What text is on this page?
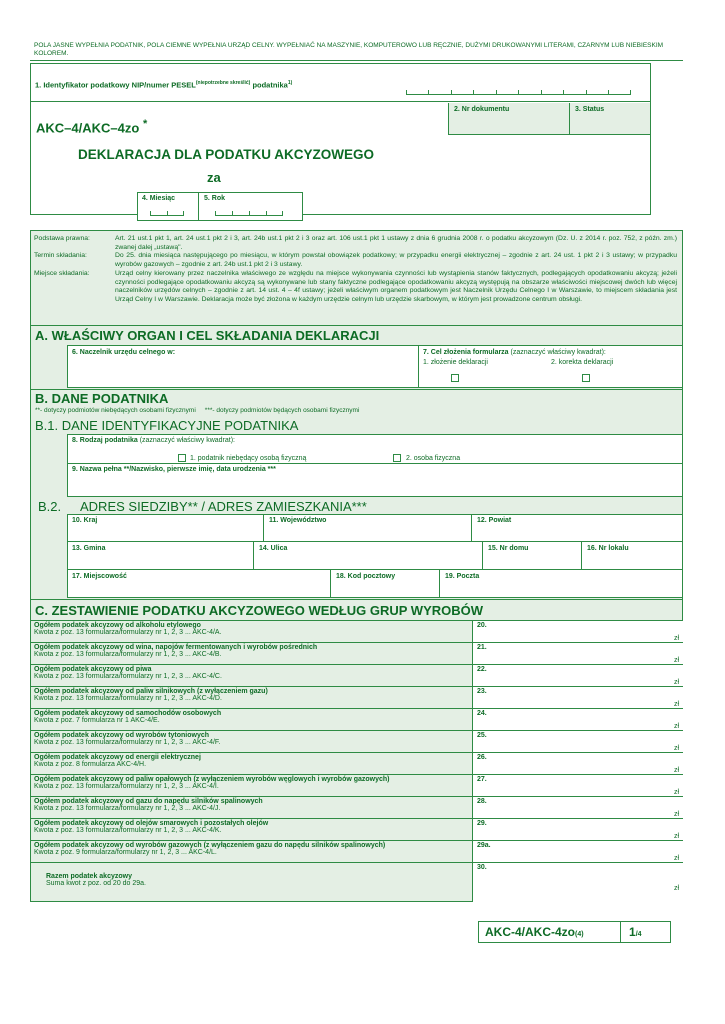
POLA JASNE WYPEŁNIA PODATNIK, POLA CIEMNE WYPEŁNIA URZĄD CELNY. WYPEŁNIAĆ NA MASZYNIE, KOMPUTEROWO LUB RĘCZNIE, DUŻYMI DRUKOWANYMI LITERAMI, CZARNYM LUB NIEBIESKIM KOLOREM.
1. Identyfikator podatkowy NIP/numer $PESEL^{(niepotrzebne skreślić)}$ podatnika$^{1)}$
2. Nr dokumentu	3. Status
AKC–4/AKC–4zo *
DEKLARACJA DLA PODATKU AKCYZOWEGO
za
4. Miesiąc	5. Rok
Podstawa prawna:	Art. 21 ust.1 pkt 1, art. 24 ust.1 pkt 2 i 3, art. 24b ust.1 pkt 2 i 3 oraz art. 106 ust.1 pkt 1 ustawy z dnia 6 grudnia 2008 r. o podatku akcyzowym (Dz. U. z 2014 r. poz. 752, z późn. zm.) zwanej dalej „ustawą".
Termin składania:	Do 25. dnia miesiąca następującego po miesiącu, w którym powstał obowiązek podatkowy; w przypadku energii elektrycznej – zgodnie z art. 24 ust. 1 pkt 2 i 3 ustawy; w przypadku wyrobów gazowych – zgodnie z art. 24b ust.1 pkt 2 i 3 ustawy.
Miejsce składania:	Urząd celny kierowany przez naczelnika właściwego ze względu na miejsce wykonywania czynności lub wystąpienia stanów faktycznych, podlegających opodatkowaniu akcyzą; jeżeli czynności podlegające opodatkowaniu akcyzą są wykonywane lub stany faktyczne podlegające opodatkowaniu akcyzą występują na obszarze właściwości miejscowej dwóch lub więcej naczelników urzędów celnych – zgodnie z art. 14 ust. 4 – 4f ustawy; jeżeli właściwym organem podatkowym jest Naczelnik Urzędu Celnego I w Warszawie, to miejscem składania jest Urząd Celny I w Warszawie. Deklaracja może być złożona w każdym urzędzie celnym lub urzędzie skarbowym, w którym jest prowadzone centrum obsługi.
A. WŁAŚCIWY ORGAN I CEL SKŁADANIA DEKLARACJI
6. Naczelnik urzędu celnego w:	7. Cel złożenia formularza (zaznaczyć właściwy kwadrat):
1. złożenie deklaracji	2. korekta deklaracji
B. DANE PODATNIKA
**- dotyczy podmiotów niebędących osobami fizycznymi     ***- dotyczy podmiotów będących osobami fizycznymi
B.1. DANE IDENTYFIKACYJNE PODATNIKA
8. Rodzaj podatnika (zaznaczyć właściwy kwadrat):
1. podatnik niebędący osobą fizyczną	2. osoba fizyczna
9. Nazwa pełna **/Nazwisko, pierwsze imię, data urodzenia ***
B.2. ADRES SIEDZIBY** / ADRES ZAMIESZKANIA***
10. Kraj	11. Województwo	12. Powiat
13. Gmina	14. Ulica	15. Nr domu	16. Nr lokalu
17. Miejscowość	18. Kod pocztowy	19. Poczta
C. ZESTAWIENIE PODATKU AKCYZOWEGO WEDŁUG GRUP WYROBÓW
Ogółem podatek akcyzowy od alkoholu etylowego
Kwota z poz. 13 formularza/formularzy nr 1, 2, 3 ... AKC-4/A.
20.
zł
Ogółem podatek akcyzowy od wina, napojów fermentowanych i wyrobów pośrednich
Kwota z poz. 13 formularza/formularzy nr 1, 2, 3 ... AKC-4/B.
21.
zł
Ogółem podatek akcyzowy od piwa
Kwota z poz. 13 formularza/formularzy nr 1, 2, 3 ... AKC-4/C.
22.
zł
Ogółem podatek akcyzowy od paliw silnikowych (z wyłączeniem gazu)
Kwota z poz. 13 formularza/formularzy nr 1, 2, 3 ... AKC-4/D.
23.
zł
Ogółem podatek akcyzowy od samochodów osobowych
Kwota z poz. 7 formularza nr 1 AKC-4/E.
24.
zł
Ogółem podatek akcyzowy od wyrobów tytoniowych
Kwota z poz. 13 formularza/formularzy nr 1, 2, 3 ... AKC-4/F.
25.
zł
Ogółem podatek akcyzowy od energii elektrycznej
Kwota z poz. 8 formularza AKC-4/H.
26.
zł
Ogółem podatek akcyzowy od paliw opałowych (z wyłączeniem wyrobów węglowych i wyrobów gazowych)
Kwota z poz. 13 formularza/formularzy nr 1, 2, 3 ... AKC-4/I.
27.
zł
Ogółem podatek akcyzowy od gazu do napędu silników spalinowych
Kwota z poz. 13 formularza/formularzy nr 1, 2, 3 ... AKC-4/J.
28.
zł
Ogółem podatek akcyzowy od olejów smarowych i pozostałych olejów
Kwota z poz. 13 formularza/formularzy nr 1, 2, 3 ... AKC-4/K.
29.
zł
Ogółem podatek akcyzowy od wyrobów gazowych (z wyłączeniem gazu do napędu silników spalinowych)
Kwota z poz. 9 formularza/formularzy nr 1, 2, 3 ... AKC-4/L.
29a.
zł
Razem podatek akcyzowy
Suma kwot z poz. od 20 do 29a.
30.
zł
AKC-4/AKC-4zo(4)	1/4
